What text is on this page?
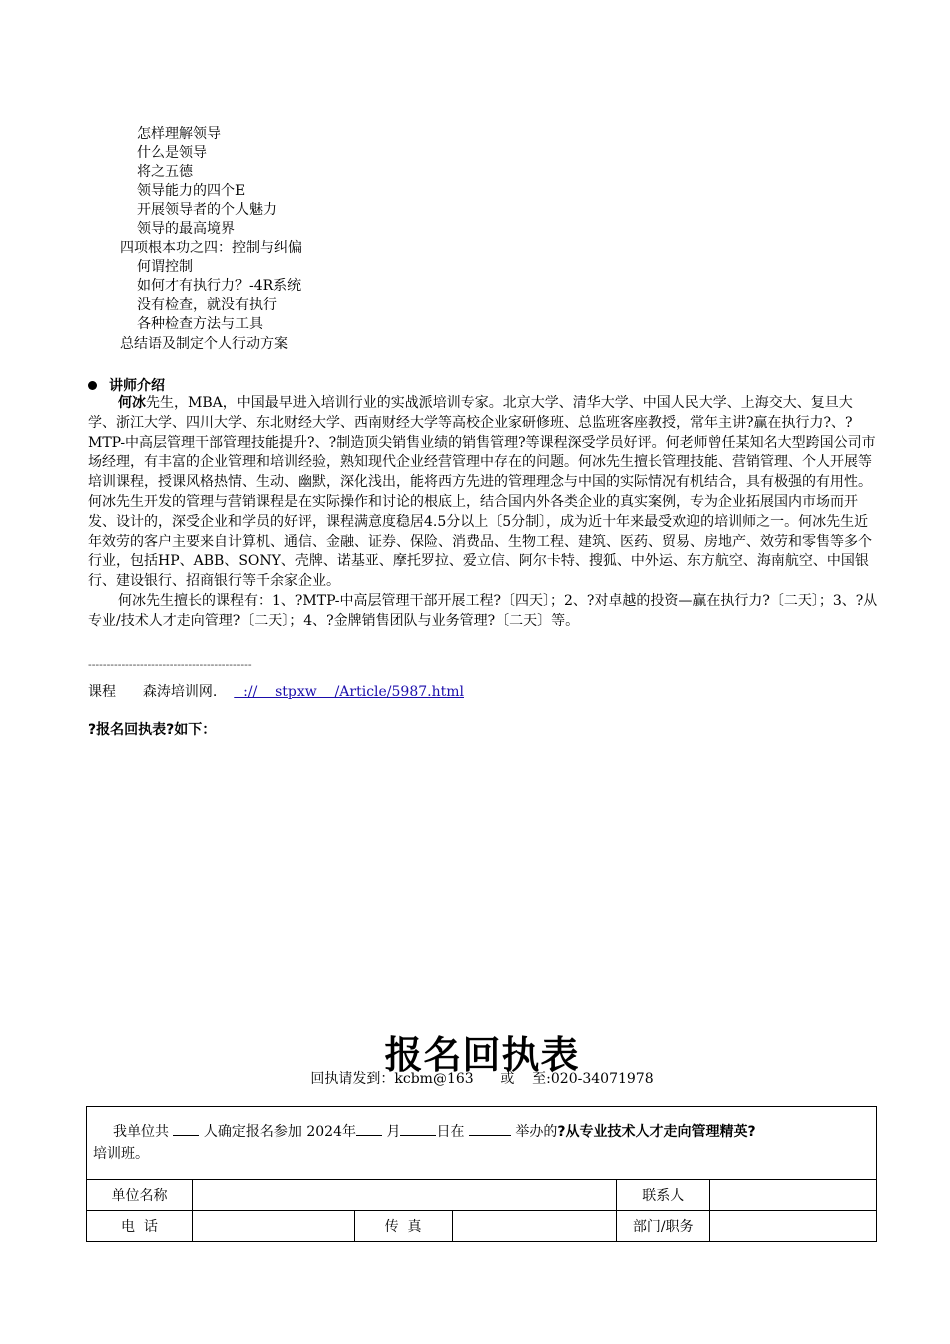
怎样理解领导
什么是领导
将之五德
领导能力的四个E
开展领导者的个人魅力
领导的最高境界
四项根本功之四：控制与纠偏
何谓控制
如何才有执行力？-4R系统
没有检查，就没有执行
各种检查方法与工具
总结语及制定个人行动方案
讲师介绍

何冰先生，MBA，中国最早进入培训行业的实战派培训专家。北京大学、清华大学、中国人民大学、上海交大、复旦大学、浙江大学、四川大学、东北财经大学、西南财经大学等高校企业家研修班、总监班客座教授，常年主讲?赢在执行力?、?MTP-中高层管理干部管理技能提升?、?制造顶尖销售业绩的销售管理?等课程深受学员好评。何老师曾任某知名大型跨国公司市场经理，有丰富的企业管理和培训经验，熟知现代企业经营管理中存在的问题。何冰先生擅长管理技能、营销管理、个人开展等培训课程，授课风格热情、生动、幽默，深化浅出，能将西方先进的管理理念与中国的实际情况有机结合，具有极强的有用性。何冰先生开发的管理与营销课程是在实际操作和讨论的根底上，结合国内外各类企业的真实案例，专为企业拓展国内市场而开发、设计的，深受企业和学员的好评，课程满意度稳居4.5分以上〔5分制〕，成为近十年来最受欢迎的培训师之一。何冰先生近年效劳的客户主要来自计算机、通信、金融、证券、保险、消费品、生物工程、建筑、医药、贸易、房地产、效劳和零售等多个行业，包括HP、ABB、SONY、壳牌、诺基亚、摩托罗拉、爱立信、阿尔卡特、搜狐、中外运、东方航空、海南航空、中国银行、建设银行、招商银行等千余家企业。

何冰先生擅长的课程有：1、?MTP-中高层管理干部开展工程?〔四天〕；2、?对卓越的投资—赢在执行力?〔二天〕；3、?从专业/技术人才走向管理?〔二天〕；4、?金牌销售团队与业务管理?〔二天〕等。

--------------------------------------------
课程 森涛培训网.    ://    stpxw    /Article/5987.html
?报名回执表?如下：
报名回执表
回执请发到：kcbm@163      或    至:020-34071978
我单位共 人确定报名参加 2024年 月 日在 举办的?从专业技术人才走向管理精英?
培训班。					
单位名称				联系人	
电  话		传  真		部门/职务	
